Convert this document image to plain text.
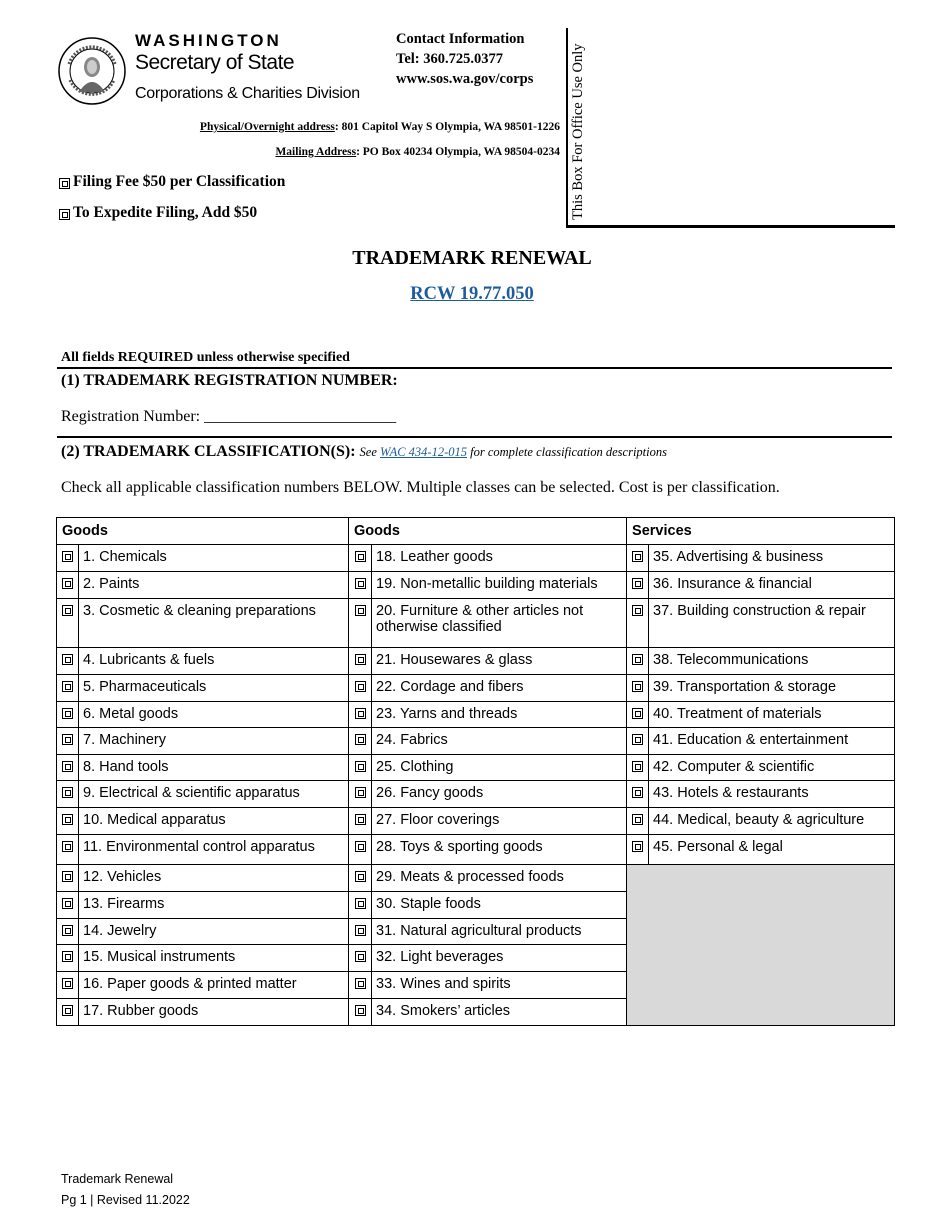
WASHINGTON
Secretary of State
Corporations & Charities Division
Contact Information
Tel: 360.725.0377
www.sos.wa.gov/corps
Physical/Overnight address: 801 Capitol Way S Olympia, WA 98501-1226
Mailing Address: PO Box 40234 Olympia, WA 98504-0234
Filing Fee $50 per Classification
To Expedite Filing, Add $50	This Box For Office Use Only
TRADEMARK RENEWAL
RCW 19.77.050
All fields REQUIRED unless otherwise specified
(1) TRADEMARK REGISTRATION NUMBER:
Registration Number: ________________________
(2) TRADEMARK CLASSIFICATION(S): See WAC 434-12-015 for complete classification descriptions
Check all applicable classification numbers BELOW. Multiple classes can be selected. Cost is per classification.
Goods		Goods		Services	
	1. Chemicals		18. Leather goods		35. Advertising & business
	2. Paints		19. Non-metallic building materials		36. Insurance & financial
	3. Cosmetic & cleaning preparations		20. Furniture & other articles not otherwise classified		37. Building construction & repair
	4. Lubricants & fuels		21. Housewares & glass		38. Telecommunications
	5. Pharmaceuticals		22. Cordage and fibers		39. Transportation & storage
	6. Metal goods		23. Yarns and threads		40. Treatment of materials
	7. Machinery		24. Fabrics		41. Education & entertainment
	8. Hand tools		25. Clothing		42. Computer & scientific
	9. Electrical & scientific apparatus		26. Fancy goods		43. Hotels & restaurants
	10. Medical apparatus		27. Floor coverings		44. Medical, beauty & agriculture
	11. Environmental control apparatus		28. Toys & sporting goods		45. Personal & legal
	12. Vehicles		29. Meats & processed foods		
	13. Firearms		30. Staple foods		
	14. Jewelry		31. Natural agricultural products		
	15. Musical instruments		32. Light beverages		
	16. Paper goods & printed matter		33. Wines and spirits		
	17. Rubber goods		34. Smokers’ articles		
Trademark Renewal
Pg 1 | Revised 11.2022
